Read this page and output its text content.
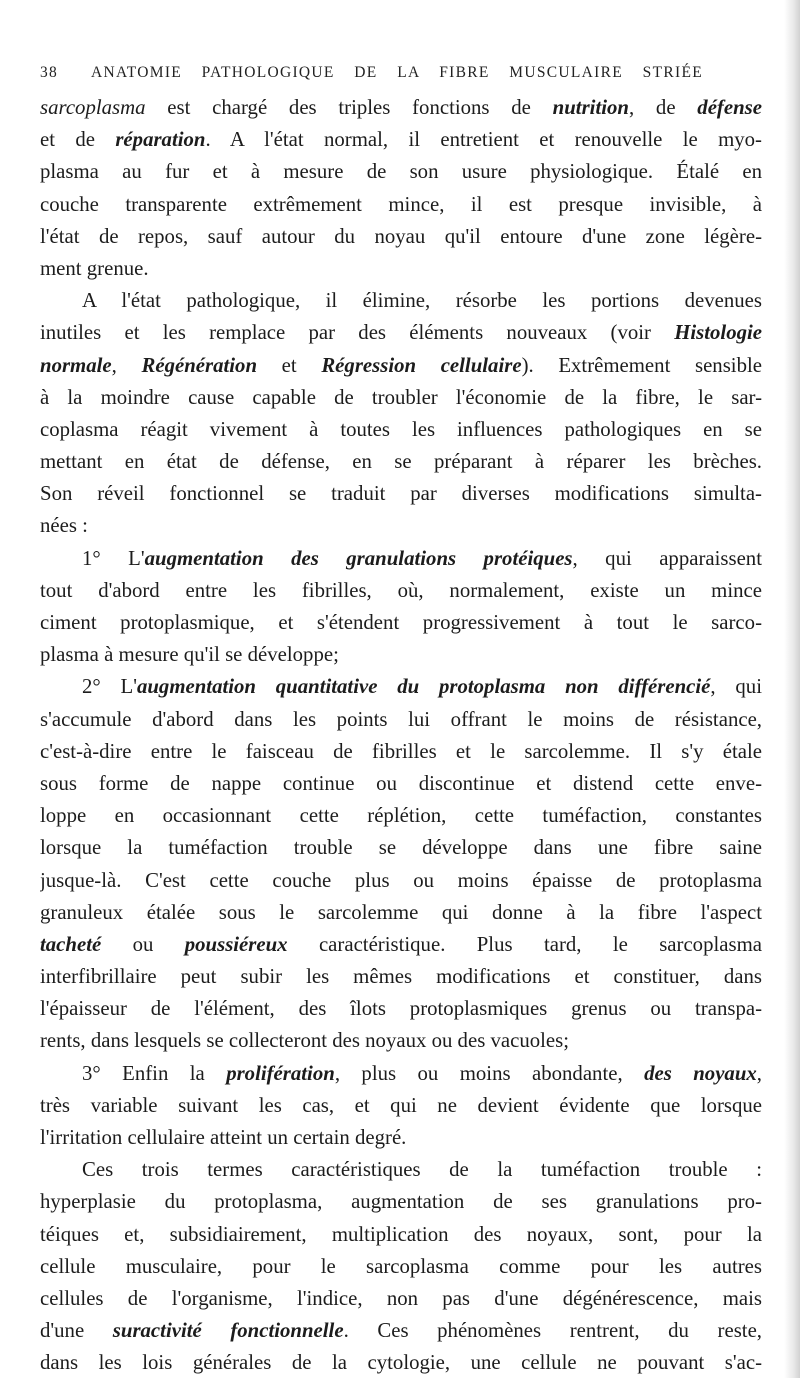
38 ANATOMIE PATHOLOGIQUE DE LA FIBRE MUSCULAIRE STRIÉE
sarcoplasma est chargé des triples fonctions de nutrition, de défense
et de réparation. A l'état normal, il entretient et renouvelle le myo-
plasma au fur et à mesure de son usure physiologique. Étalé en
couche transparente extrêmement mince, il est presque invisible, à
l'état de repos, sauf autour du noyau qu'il entoure d'une zone légère-
ment grenue.
A l'état pathologique, il élimine, résorbe les portions devenues
inutiles et les remplace par des éléments nouveaux (voir Histologie
normale, Régénération et Régression cellulaire). Extrêmement sensible
à la moindre cause capable de troubler l'économie de la fibre, le sar-
coplasma réagit vivement à toutes les influences pathologiques en se
mettant en état de défense, en se préparant à réparer les brèches.
Son réveil fonctionnel se traduit par diverses modifications simulta-
nées :
1° L'augmentation des granulations protéiques, qui apparaissent
tout d'abord entre les fibrilles, où, normalement, existe un mince
ciment protoplasmique, et s'étendent progressivement à tout le sarco-
plasma à mesure qu'il se développe;
2° L'augmentation quantitative du protoplasma non différencié, qui
s'accumule d'abord dans les points lui offrant le moins de résistance,
c'est-à-dire entre le faisceau de fibrilles et le sarcolemme. Il s'y étale
sous forme de nappe continue ou discontinue et distend cette enve-
loppe en occasionnant cette réplétion, cette tuméfaction, constantes
lorsque la tuméfaction trouble se développe dans une fibre saine
jusque-là. C'est cette couche plus ou moins épaisse de protoplasma
granuleux étalée sous le sarcolemme qui donne à la fibre l'aspect
tacheté ou poussiéreux caractéristique. Plus tard, le sarcoplasma
interfibrillaire peut subir les mêmes modifications et constituer, dans
l'épaisseur de l'élément, des îlots protoplasmiques grenus ou transpa-
rents, dans lesquels se collecteront des noyaux ou des vacuoles;
3° Enfin la prolifération, plus ou moins abondante, des noyaux,
très variable suivant les cas, et qui ne devient évidente que lorsque
l'irritation cellulaire atteint un certain degré.
Ces trois termes caractéristiques de la tuméfaction trouble :
hyperplasie du protoplasma, augmentation de ses granulations pro-
téiques et, subsidiairement, multiplication des noyaux, sont, pour la
cellule musculaire, pour le sarcoplasma comme pour les autres
cellules de l'organisme, l'indice, non pas d'une dégénérescence, mais
d'une suractivité fonctionnelle. Ces phénomènes rentrent, du reste,
dans les lois générales de la cytologie, une cellule ne pouvant s'ac-
